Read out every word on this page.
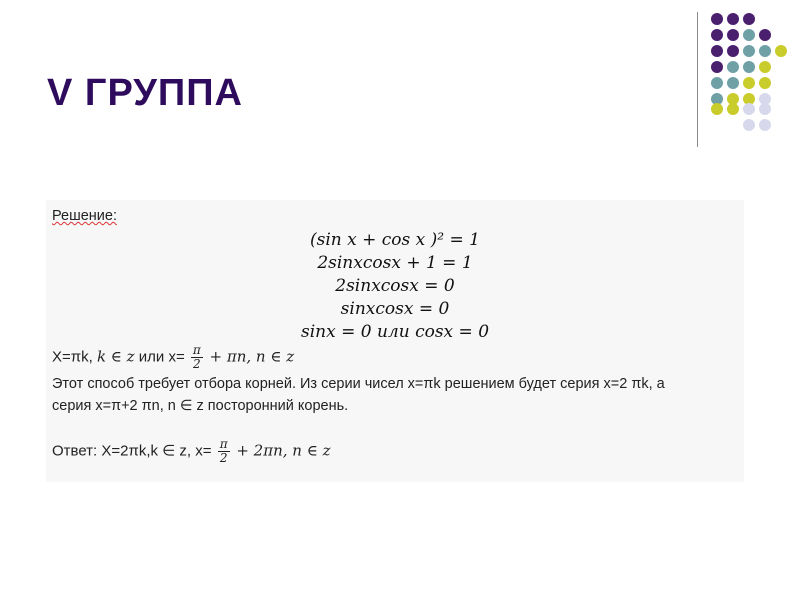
V ГРУППА
Решение:
(sin x + cos x )² = 1
2sinxcosx + 1 = 1
2sinxcosx = 0
sinxcosx = 0
sinx = 0 или cosx = 0
X=πk, k ∈ z или $x= \frac{\pi}{2} + \pi n$, n ∈ z
Этот способ требует отбора корней. Из серии чисел x=πk решением будет серия x=2 πk, а
серия x=π+2 πn, n ∈ z посторонний корень.
Ответ: X=2πk,k ∈ z, $x= \frac{\pi}{2} + 2\pi n$, n ∈ z
